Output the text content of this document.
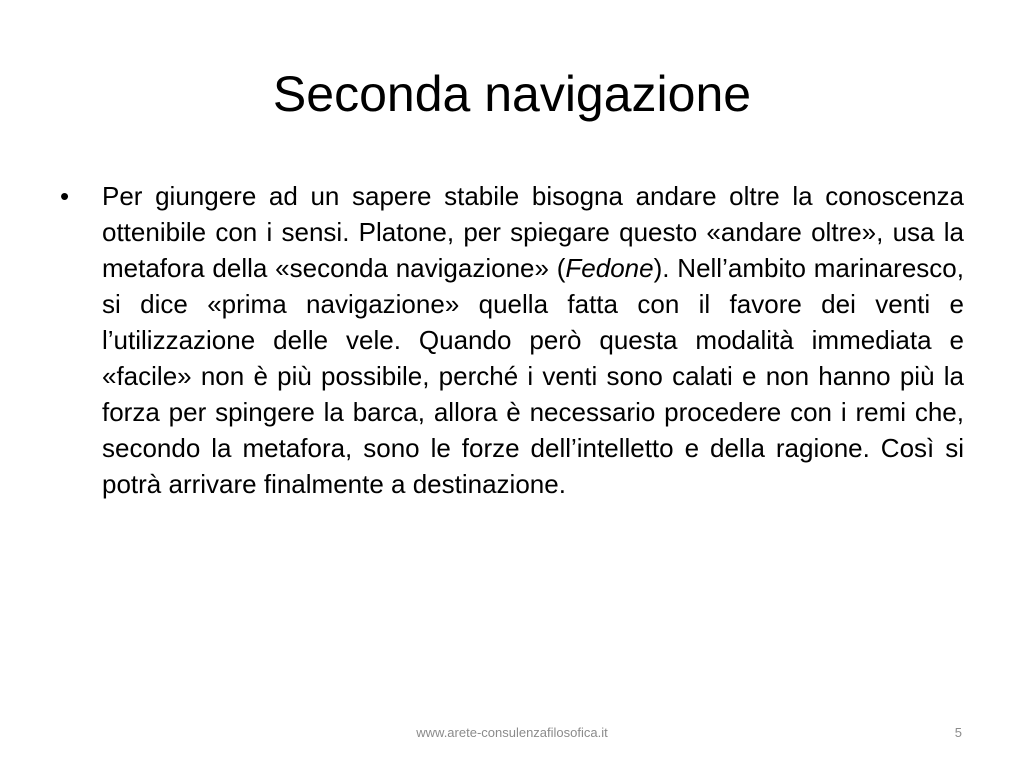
Seconda navigazione
• Per giungere ad un sapere stabile bisogna andare oltre la conoscenza ottenibile con i sensi. Platone, per spiegare questo «andare oltre», usa la metafora della «seconda navigazione» (Fedone). Nell’ambito marinaresco, si dice «prima navigazione» quella fatta con il favore dei venti e l’utilizzazione delle vele. Quando però questa modalità immediata e «facile» non è più possibile, perché i venti sono calati e non hanno più la forza per spingere la barca, allora è necessario procedere con i remi che, secondo la metafora, sono le forze dell’intelletto e della ragione. Così si potrà arrivare finalmente a destinazione.
www.arete-consulenzafilosofica.it	5
